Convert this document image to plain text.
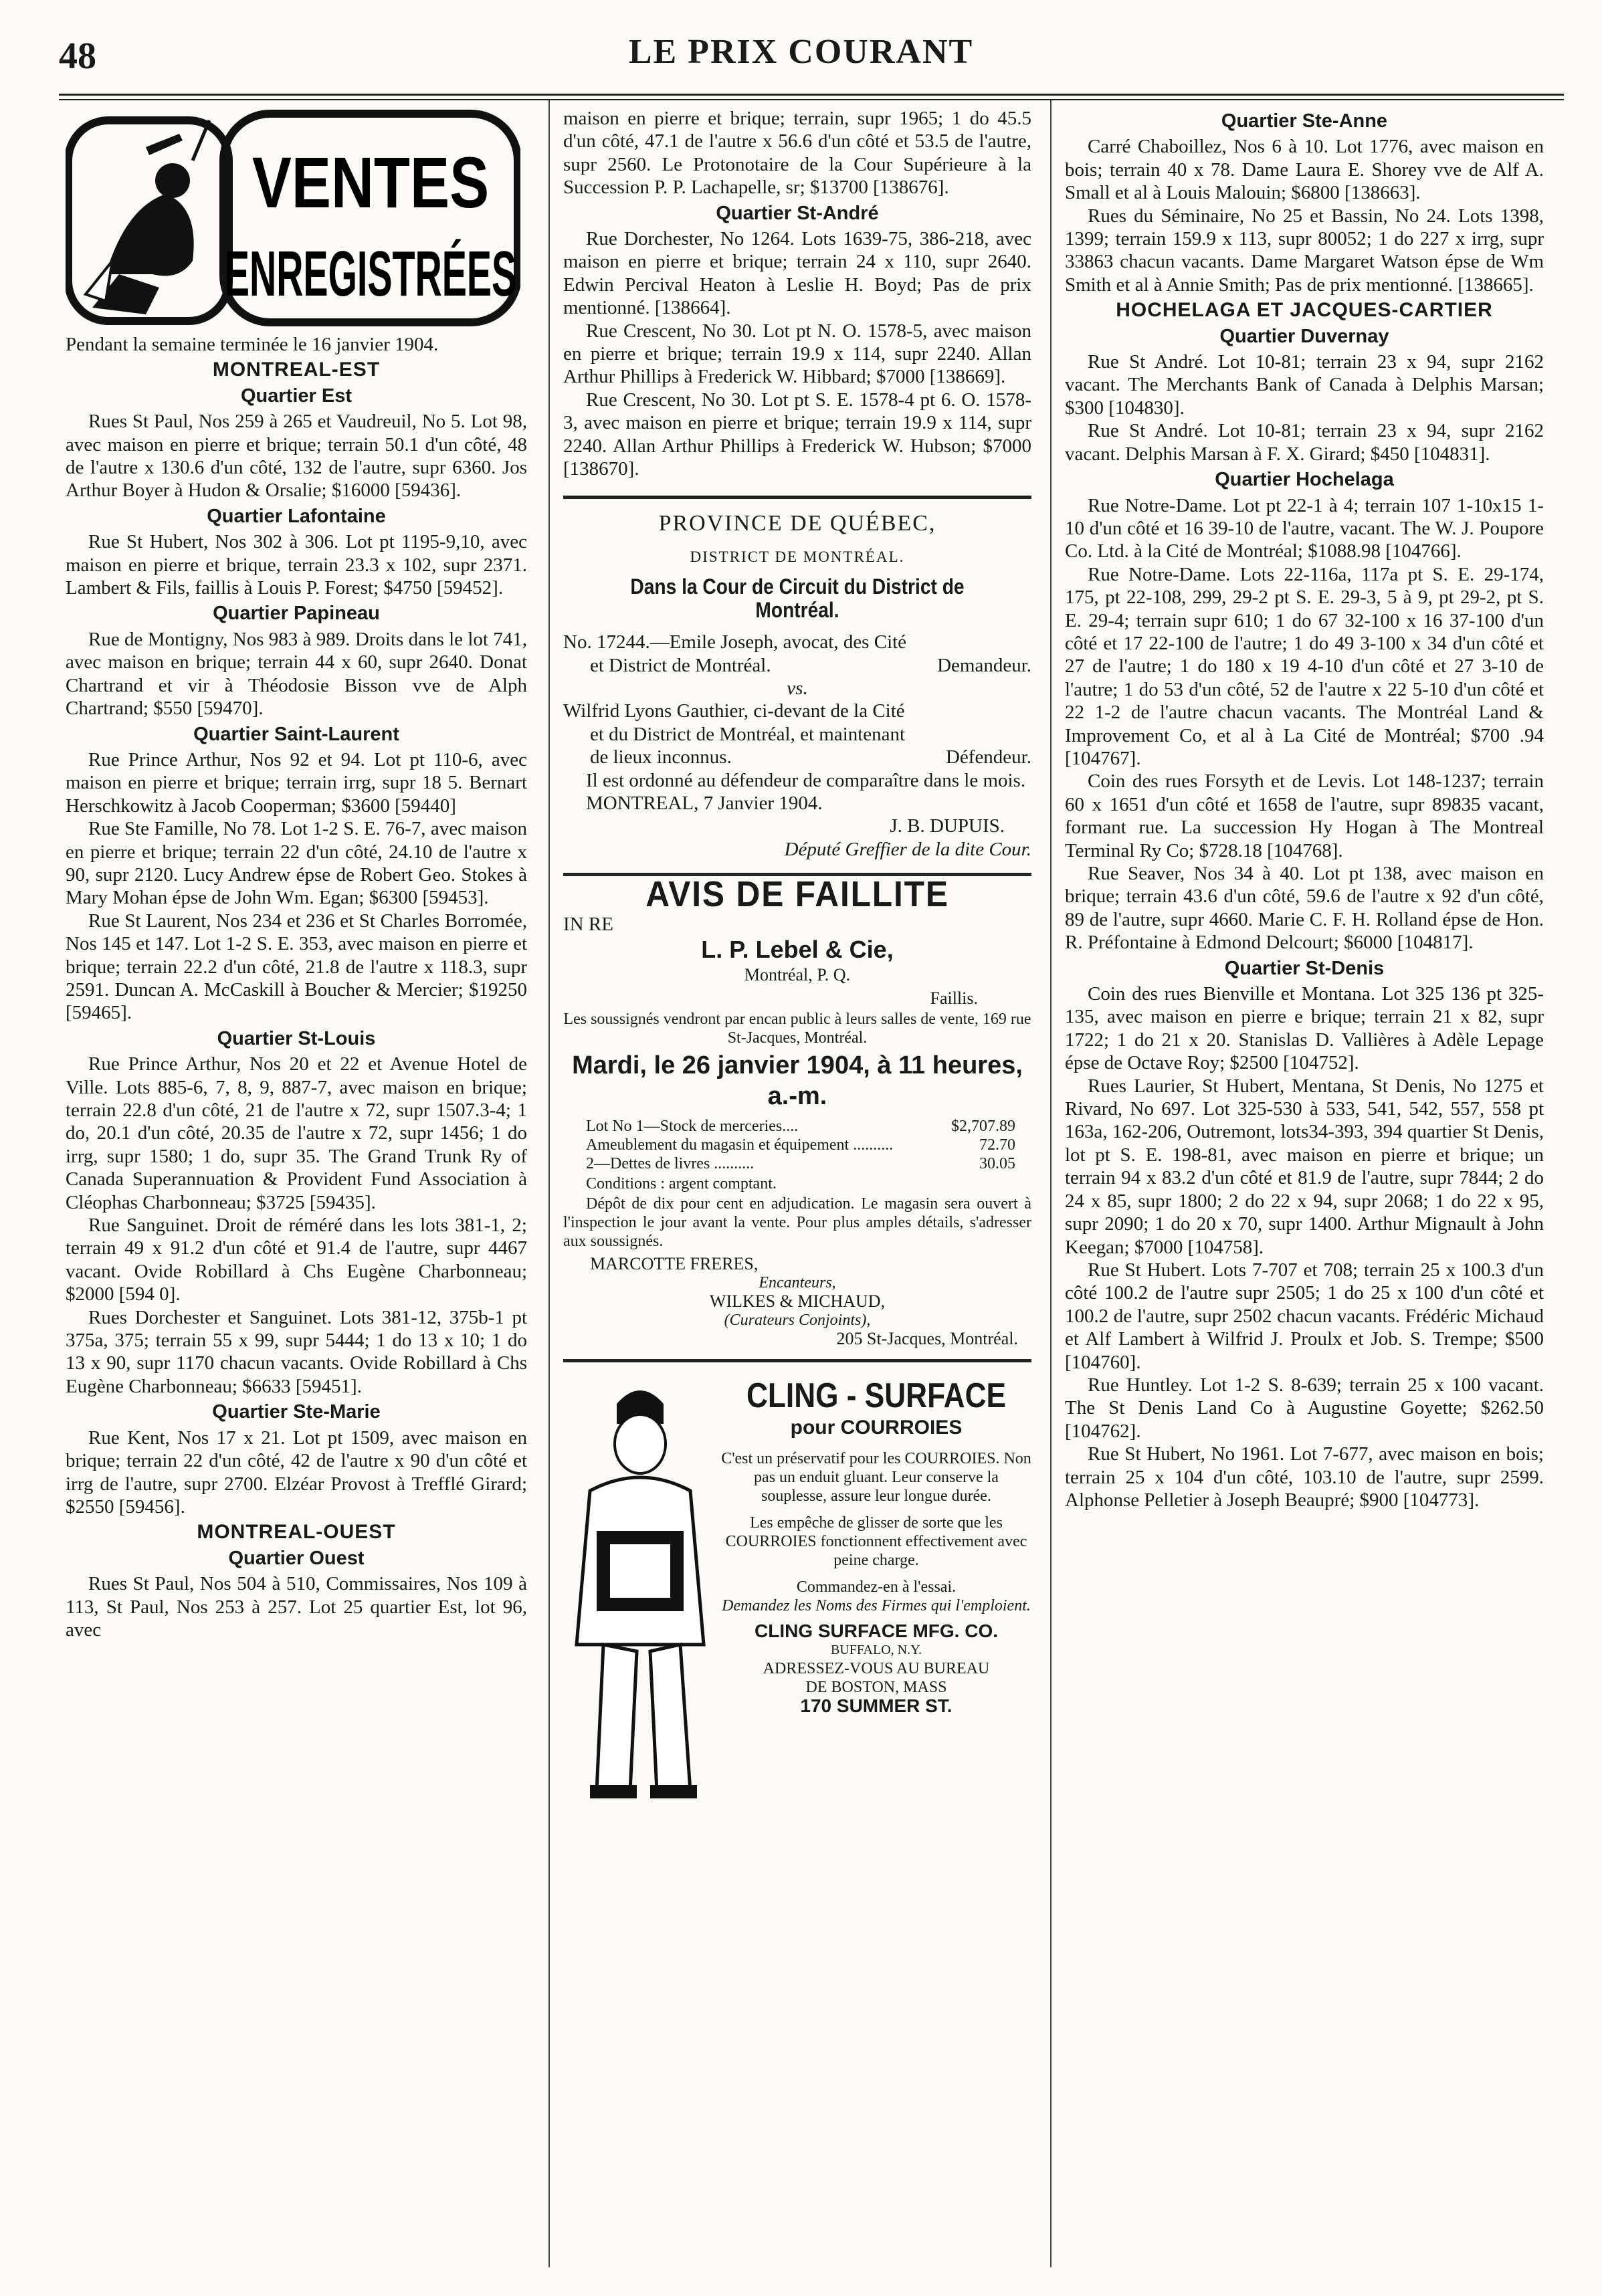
48	LE PRIX COURANT
VENTES
ENREGISTRÉES

Pendant la semaine terminée le 16 janvier 1904.

MONTREAL-EST
Quartier Est

Rues St Paul, Nos 259 à 265 et Vaudreuil, No 5. Lot 98, avec maison en pierre et brique; terrain 50.1 d'un côté, 48 de l'autre x 130.6 d'un côté, 132 de l'autre, supr 6360. Jos Arthur Boyer à Hudon & Orsalie; $16000 [59436].

Quartier Lafontaine

Rue St Hubert, Nos 302 à 306. Lot pt 1195-9,10, avec maison en pierre et brique, terrain 23.3 x 102, supr 2371. Lambert & Fils, faillis à Louis P. Forest; $4750 [59452].

Quartier Papineau

Rue de Montigny, Nos 983 à 989. Droits dans le lot 741, avec maison en brique; terrain 44 x 60, supr 2640. Donat Chartrand et vir à Théodosie Bisson vve de Alph Chartrand; $550 [59470].

Quartier Saint-Laurent

Rue Prince Arthur, Nos 92 et 94. Lot pt 110-6, avec maison en pierre et brique; terrain irrg, supr 18 5. Bernart Herschkowitz à Jacob Cooperman; $3600 [59440]

Rue Ste Famille, No 78. Lot 1-2 S. E. 76-7, avec maison en pierre et brique; terrain 22 d'un côté, 24.10 de l'autre x 90, supr 2120. Lucy Andrew épse de Robert Geo. Stokes à Mary Mohan épse de John Wm. Egan; $6300 [59453].

Rue St Laurent, Nos 234 et 236 et St Charles Borromée, Nos 145 et 147. Lot 1-2 S. E. 353, avec maison en pierre et brique; terrain 22.2 d'un côté, 21.8 de l'autre x 118.3, supr 2591. Duncan A. McCaskill à Boucher & Mercier; $19250 [59465].

Quartier St-Louis

Rue Prince Arthur, Nos 20 et 22 et Avenue Hotel de Ville. Lots 885-6, 7, 8, 9, 887-7, avec maison en brique; terrain 22.8 d'un côté, 21 de l'autre x 72, supr 1507.3-4; 1 do, 20.1 d'un côté, 20.35 de l'autre x 72, supr 1456; 1 do irrg, supr 1580; 1 do, supr 35. The Grand Trunk Ry of Canada Superannuation & Provident Fund Association à Cléophas Charbonneau; $3725 [59435].

Rue Sanguinet. Droit de réméré dans les lots 381-1, 2; terrain 49 x 91.2 d'un côté et 91.4 de l'autre, supr 4467 vacant. Ovide Robillard à Chs Eugène Charbonneau; $2000 [594 0].

Rues Dorchester et Sanguinet. Lots 381-12, 375b-1 pt 375a, 375; terrain 55 x 99, supr 5444; 1 do 13 x 10; 1 do 13 x 90, supr 1170 chacun vacants. Ovide Robillard à Chs Eugène Charbonneau; $6633 [59451].

Quartier Ste-Marie

Rue Kent, Nos 17 x 21. Lot pt 1509, avec maison en brique; terrain 22 d'un côté, 42 de l'autre x 90 d'un côté et irrg de l'autre, supr 2700. Elzéar Provost à Trefflé Girard; $2550 [59456].

MONTREAL-OUEST
Quartier Ouest

Rues St Paul, Nos 504 à 510, Commissaires, Nos 109 à 113, St Paul, Nos 253 à 257. Lot 25 quartier Est, lot 96, avec

maison en pierre et brique; terrain, supr 1965; 1 do 45.5 d'un côté, 47.1 de l'autre x 56.6 d'un côté et 53.5 de l'autre, supr 2560. Le Protonotaire de la Cour Supérieure à la Succession P. P. Lachapelle, sr; $13700 [138676].

Quartier St-André

Rue Dorchester, No 1264. Lots 1639-75, 386-218, avec maison en pierre et brique; terrain 24 x 110, supr 2640. Edwin Percival Heaton à Leslie H. Boyd; Pas de prix mentionné. [138664].

Rue Crescent, No 30. Lot pt N. O. 1578-5, avec maison en pierre et brique; terrain 19.9 x 114, supr 2240. Allan Arthur Phillips à Frederick W. Hibbard; $7000 [138669].

Rue Crescent, No 30. Lot pt S. E. 1578-4 pt 6. O. 1578-3, avec maison en pierre et brique; terrain 19.9 x 114, supr 2240. Allan Arthur Phillips à Frederick W. Hubson; $7000 [138670].

PROVINCE DE QUÉBEC,
DISTRICT DE MONTRÉAL.
Dans la Cour de Circuit du District de Montréal.

No. 17244.—Emile Joseph, avocat, des Cité

et District de Montréal.	Demandeur.

vs.

Wilfrid Lyons Gauthier, ci-devant de la Cité

et du District de Montréal, et maintenant

de lieux inconnus.	Défendeur.

Il est ordonné au défendeur de comparaître dans le mois.

MONTREAL, 7 Janvier 1904.

J. B. DUPUIS.

Député Greffier de la dite Cour.

AVIS DE FAILLITE

IN RE

L. P. Lebel & Cie,

Montréal, P. Q.

Faillis.

Les soussignés vendront par encan public à leurs salles de vente, 169 rue St-Jacques, Montréal.

Mardi, le 26 janvier 1904, à 11 heures, a.-m.
Lot No 1—Stock de merceries....	$2,707.89
Ameublement du magasin et équipement ..........	72.70
2—Dettes de livres ..........	30.05

Conditions : argent comptant.

Dépôt de dix pour cent en adjudication. Le magasin sera ouvert à l'inspection le jour avant la vente. Pour plus amples détails, s'adresser aux soussignés.

MARCOTTE FRERES,

Encanteurs,

WILKES & MICHAUD,

(Curateurs Conjoints),

205 St-Jacques, Montréal.

CLING - SURFACE
pour COURROIES

C'est un préservatif pour les COURROIES. Non pas un enduit gluant. Leur conserve la souplesse, assure leur longue durée.

Les empêche de glisser de sorte que les COURROIES fonctionnent effectivement avec peine charge.

Commandez-en à l'essai.

Demandez les Noms des Firmes qui l'emploient.

CLING SURFACE MFG. CO.
BUFFALO, N.Y.
ADRESSEZ-VOUS AU BUREAU
DE BOSTON, MASS
170 SUMMER ST.
Quartier Ste-Anne

Carré Chaboillez, Nos 6 à 10. Lot 1776, avec maison en bois; terrain 40 x 78. Dame Laura E. Shorey vve de Alf A. Small et al à Louis Malouin; $6800 [138663].

Rues du Séminaire, No 25 et Bassin, No 24. Lots 1398, 1399; terrain 159.9 x 113, supr 80052; 1 do 227 x irrg, supr 33863 chacun vacants. Dame Margaret Watson épse de Wm Smith et al à Annie Smith; Pas de prix mentionné. [138665].

HOCHELAGA ET JACQUES-CARTIER
Quartier Duvernay

Rue St André. Lot 10-81; terrain 23 x 94, supr 2162 vacant. The Merchants Bank of Canada à Delphis Marsan; $300 [104830].

Rue St André. Lot 10-81; terrain 23 x 94, supr 2162 vacant. Delphis Marsan à F. X. Girard; $450 [104831].

Quartier Hochelaga

Rue Notre-Dame. Lot pt 22-1 à 4; terrain 107 1-10x15 1-10 d'un côté et 16 39-10 de l'autre, vacant. The W. J. Poupore Co. Ltd. à la Cité de Montréal; $1088.98 [104766].

Rue Notre-Dame. Lots 22-116a, 117a pt S. E. 29-174, 175, pt 22-108, 299, 29-2 pt S. E. 29-3, 5 à 9, pt 29-2, pt S. E. 29-4; terrain supr 610; 1 do 67 32-100 x 16 37-100 d'un côté et 17 22-100 de l'autre; 1 do 49 3-100 x 34 d'un côté et 27 de l'autre; 1 do 180 x 19 4-10 d'un côté et 27 3-10 de l'autre; 1 do 53 d'un côté, 52 de l'autre x 22 5-10 d'un côté et 22 1-2 de l'autre chacun vacants. The Montréal Land & Improvement Co, et al à La Cité de Montréal; $700 .94 [104767].

Coin des rues Forsyth et de Levis. Lot 148-1237; terrain 60 x 1651 d'un côté et 1658 de l'autre, supr 89835 vacant, formant rue. La succession Hy Hogan à The Montreal Terminal Ry Co; $728.18 [104768].

Rue Seaver, Nos 34 à 40. Lot pt 138, avec maison en brique; terrain 43.6 d'un côté, 59.6 de l'autre x 92 d'un côté, 89 de l'autre, supr 4660. Marie C. F. H. Rolland épse de Hon. R. Préfontaine à Edmond Delcourt; $6000 [104817].

Quartier St-Denis

Coin des rues Bienville et Montana. Lot 325 136 pt 325-135, avec maison en pierre e brique; terrain 21 x 82, supr 1722; 1 do 21 x 20. Stanislas D. Vallières à Adèle Lepage épse de Octave Roy; $2500 [104752].

Rues Laurier, St Hubert, Mentana, St Denis, No 1275 et Rivard, No 697. Lot 325-530 à 533, 541, 542, 557, 558 pt 163a, 162-206, Outremont, lots34-393, 394 quartier St Denis, lot pt S. E. 198-81, avec maison en pierre et brique; un terrain 94 x 83.2 d'un côté et 81.9 de l'autre, supr 7844; 2 do 24 x 85, supr 1800; 2 do 22 x 94, supr 2068; 1 do 22 x 95, supr 2090; 1 do 20 x 70, supr 1400. Arthur Mignault à John Keegan; $7000 [104758].

Rue St Hubert. Lots 7-707 et 708; terrain 25 x 100.3 d'un côté 100.2 de l'autre supr 2505; 1 do 25 x 100 d'un côté et 100.2 de l'autre, supr 2502 chacun vacants. Frédéric Michaud et Alf Lambert à Wilfrid J. Proulx et Job. S. Trempe; $500 [104760].

Rue Huntley. Lot 1-2 S. 8-639; terrain 25 x 100 vacant. The St Denis Land Co à Augustine Goyette; $262.50 [104762].

Rue St Hubert, No 1961. Lot 7-677, avec maison en bois; terrain 25 x 104 d'un côté, 103.10 de l'autre, supr 2599. Alphonse Pelletier à Joseph Beaupré; $900 [104773].
